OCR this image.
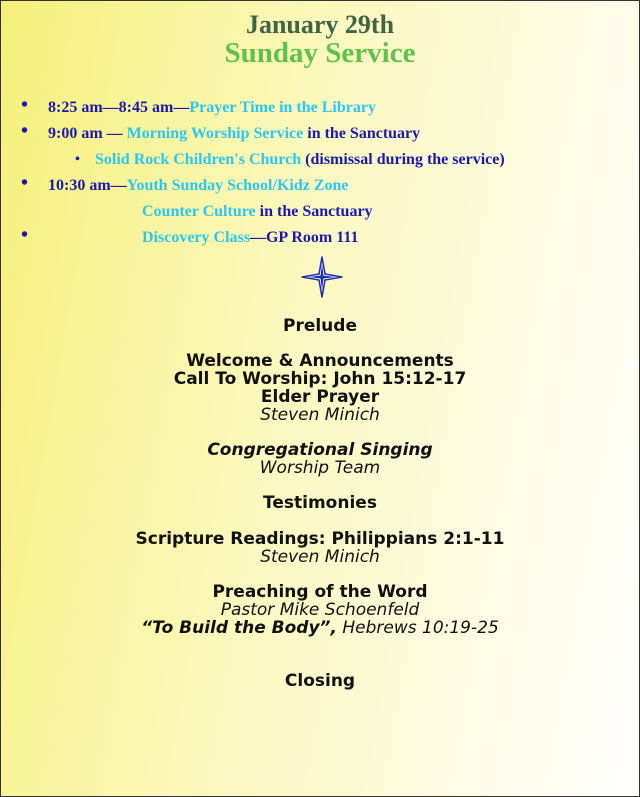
January 29th
Sunday Service
• 8:25 am—8:45 am—Prayer Time in the Library
• 9:00 am — Morning Worship Service in the Sanctuary
• Solid Rock Children's Church (dismissal during the service)
• 10:30 am—Youth Sunday School/Kidz Zone
Counter Culture in the Sanctuary
•	Discovery Class—GP Room 111
Prelude
Welcome & Announcements
Call To Worship: John 15:12-17
Elder Prayer
Steven Minich
Congregational Singing
Worship Team
Testimonies
Scripture Readings: Philippians 2:1-11
Steven Minich
Preaching of the Word
Pastor Mike Schoenfeld
“To Build the Body”, Hebrews 10:19-25
Closing
